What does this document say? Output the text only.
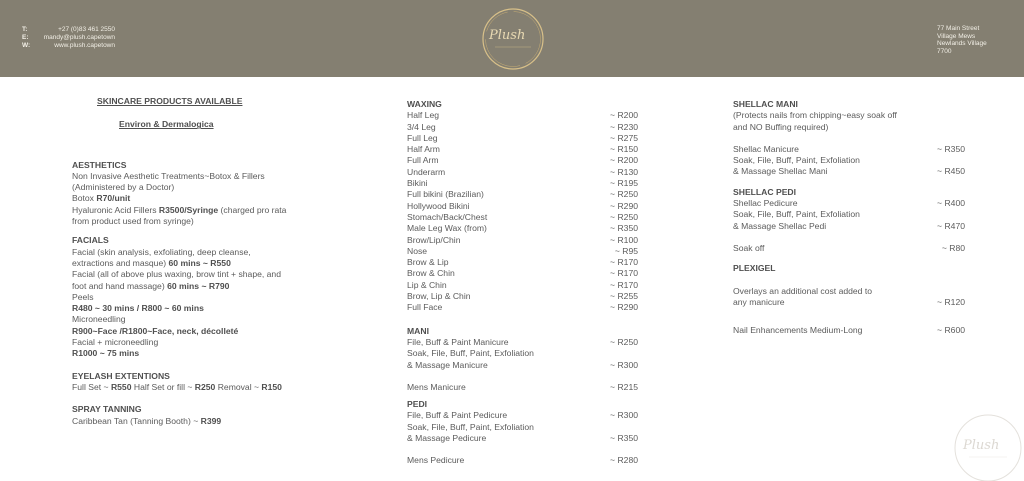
T:	+27 (0)83 461 2550
E:	mandy@plush.capetown
W:	www.plush.capetown
Plush	77 Main Street
Village Mews
Newlands Village
7700
SKINCARE PRODUCTS AVAILABLE
Environ & Dermalogica
AESTHETICS
Non Invasive Aesthetic Treatments~Botox & Fillers
(Administered by a Doctor)
Botox R70/unit
Hyaluronic Acid Fillers R3500/Syringe (charged pro rata
from product used from syringe)
FACIALS
Facial (skin analysis, exfoliating, deep cleanse,
extractions and masque) 60 mins ~ R550
Facial (all of above plus waxing, brow tint + shape, and
foot and hand massage) 60 mins ~ R790
Peels
R480 ~ 30 mins / R800 ~ 60 mins
Microneedling
R900~Face /R1800~Face, neck, décolleté
Facial + microneedling
R1000 ~ 75 mins
EYELASH EXTENTIONS
Full Set ~ R550 Half Set or fill ~ R250 Removal ~ R150
SPRAY TANNING
Caribbean Tan (Tanning Booth) ~ R399
WAXING
Half Leg	~ R200
3/4 Leg	~ R230
Full Leg	~ R275
Half Arm	~ R150
Full Arm	~ R200
Underarm	~ R130
Bikini	~ R195
Full bikini (Brazilian)	~ R250
Hollywood Bikini	~ R290
Stomach/Back/Chest	~ R250
Male Leg Wax (from)	~ R350
Brow/Lip/Chin	~ R100
Nose	~ R95
Brow & Lip	~ R170
Brow & Chin	~ R170
Lip & Chin	~ R170
Brow, Lip & Chin	~ R255
Full Face	~ R290
MANI
File, Buff & Paint Manicure	~ R250
Soak, File, Buff, Paint, Exfoliation
& Massage Manicure	~ R300
Mens Manicure	~ R215
PEDI
File, Buff & Paint Pedicure	~ R300
Soak, File, Buff, Paint, Exfoliation
& Massage Pedicure	~ R350
Mens Pedicure	~ R280
SHELLAC MANI
(Protects nails from chipping~easy soak off
and NO Buffing required)
Shellac Manicure	~ R350
Soak, File, Buff, Paint, Exfoliation
& Massage Shellac Mani	~ R450
SHELLAC PEDI
Shellac Pedicure	~ R400
Soak, File, Buff, Paint, Exfoliation
& Massage Shellac Pedi	~ R470
Soak off	~ R80
PLEXIGEL
Overlays an additional cost added to
any manicure	~ R120
Nail Enhancements Medium-Long	~ R600
Plush
